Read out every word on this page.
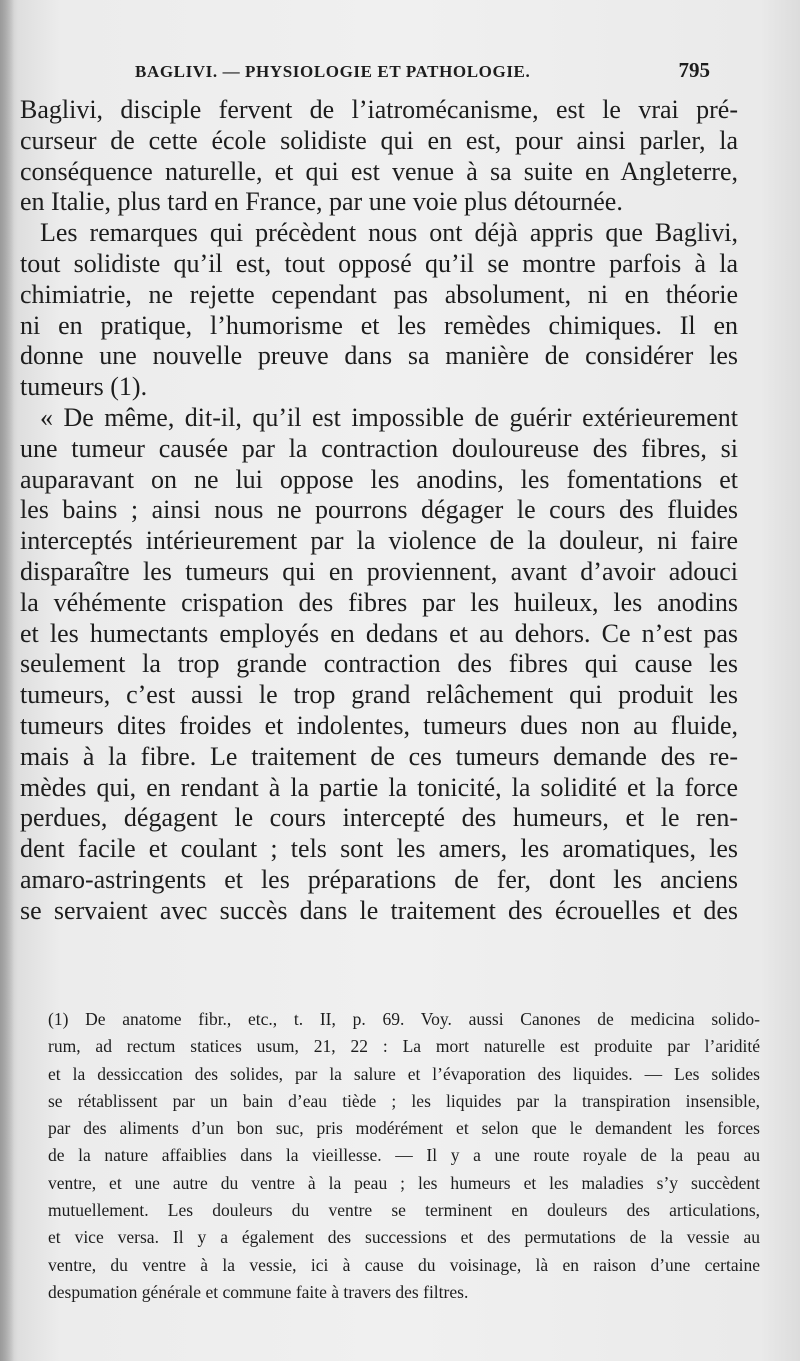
BAGLIVI. — PHYSIOLOGIE ET PATHOLOGIE.	795
Baglivi, disciple fervent de l’iatromécanisme, est le vrai pré-
curseur de cette école solidiste qui en est, pour ainsi parler, la
conséquence naturelle, et qui est venue à sa suite en Angleterre,
en Italie, plus tard en France, par une voie plus détournée.
Les remarques qui précèdent nous ont déjà appris que Baglivi,
tout solidiste qu’il est, tout opposé qu’il se montre parfois à la
chimiatrie, ne rejette cependant pas absolument, ni en théorie
ni en pratique, l’humorisme et les remèdes chimiques. Il en
donne une nouvelle preuve dans sa manière de considérer les
tumeurs (1).
« De même, dit-il, qu’il est impossible de guérir extérieurement
une tumeur causée par la contraction douloureuse des fibres, si
auparavant on ne lui oppose les anodins, les fomentations et
les bains ; ainsi nous ne pourrons dégager le cours des fluides
interceptés intérieurement par la violence de la douleur, ni faire
disparaître les tumeurs qui en proviennent, avant d’avoir adouci
la véhémente crispation des fibres par les huileux, les anodins
et les humectants employés en dedans et au dehors. Ce n’est pas
seulement la trop grande contraction des fibres qui cause les
tumeurs, c’est aussi le trop grand relâchement qui produit les
tumeurs dites froides et indolentes, tumeurs dues non au fluide,
mais à la fibre. Le traitement de ces tumeurs demande des re-
mèdes qui, en rendant à la partie la tonicité, la solidité et la force
perdues, dégagent le cours intercepté des humeurs, et le ren-
dent facile et coulant ; tels sont les amers, les aromatiques, les
amaro-astringents et les préparations de fer, dont les anciens
se servaient avec succès dans le traitement des écrouelles et des
(1) De anatome fibr., etc., t. II, p. 69. Voy. aussi Canones de medicina solido-
rum, ad rectum statices usum, 21, 22 : La mort naturelle est produite par l’aridité
et la dessiccation des solides, par la salure et l’évaporation des liquides. — Les solides
se rétablissent par un bain d’eau tiède ; les liquides par la transpiration insensible,
par des aliments d’un bon suc, pris modérément et selon que le demandent les forces
de la nature affaiblies dans la vieillesse. — Il y a une route royale de la peau au
ventre, et une autre du ventre à la peau ; les humeurs et les maladies s’y succèdent
mutuellement. Les douleurs du ventre se terminent en douleurs des articulations,
et vice versa. Il y a également des successions et des permutations de la vessie au
ventre, du ventre à la vessie, ici à cause du voisinage, là en raison d’une certaine
despumation générale et commune faite à travers des filtres.
